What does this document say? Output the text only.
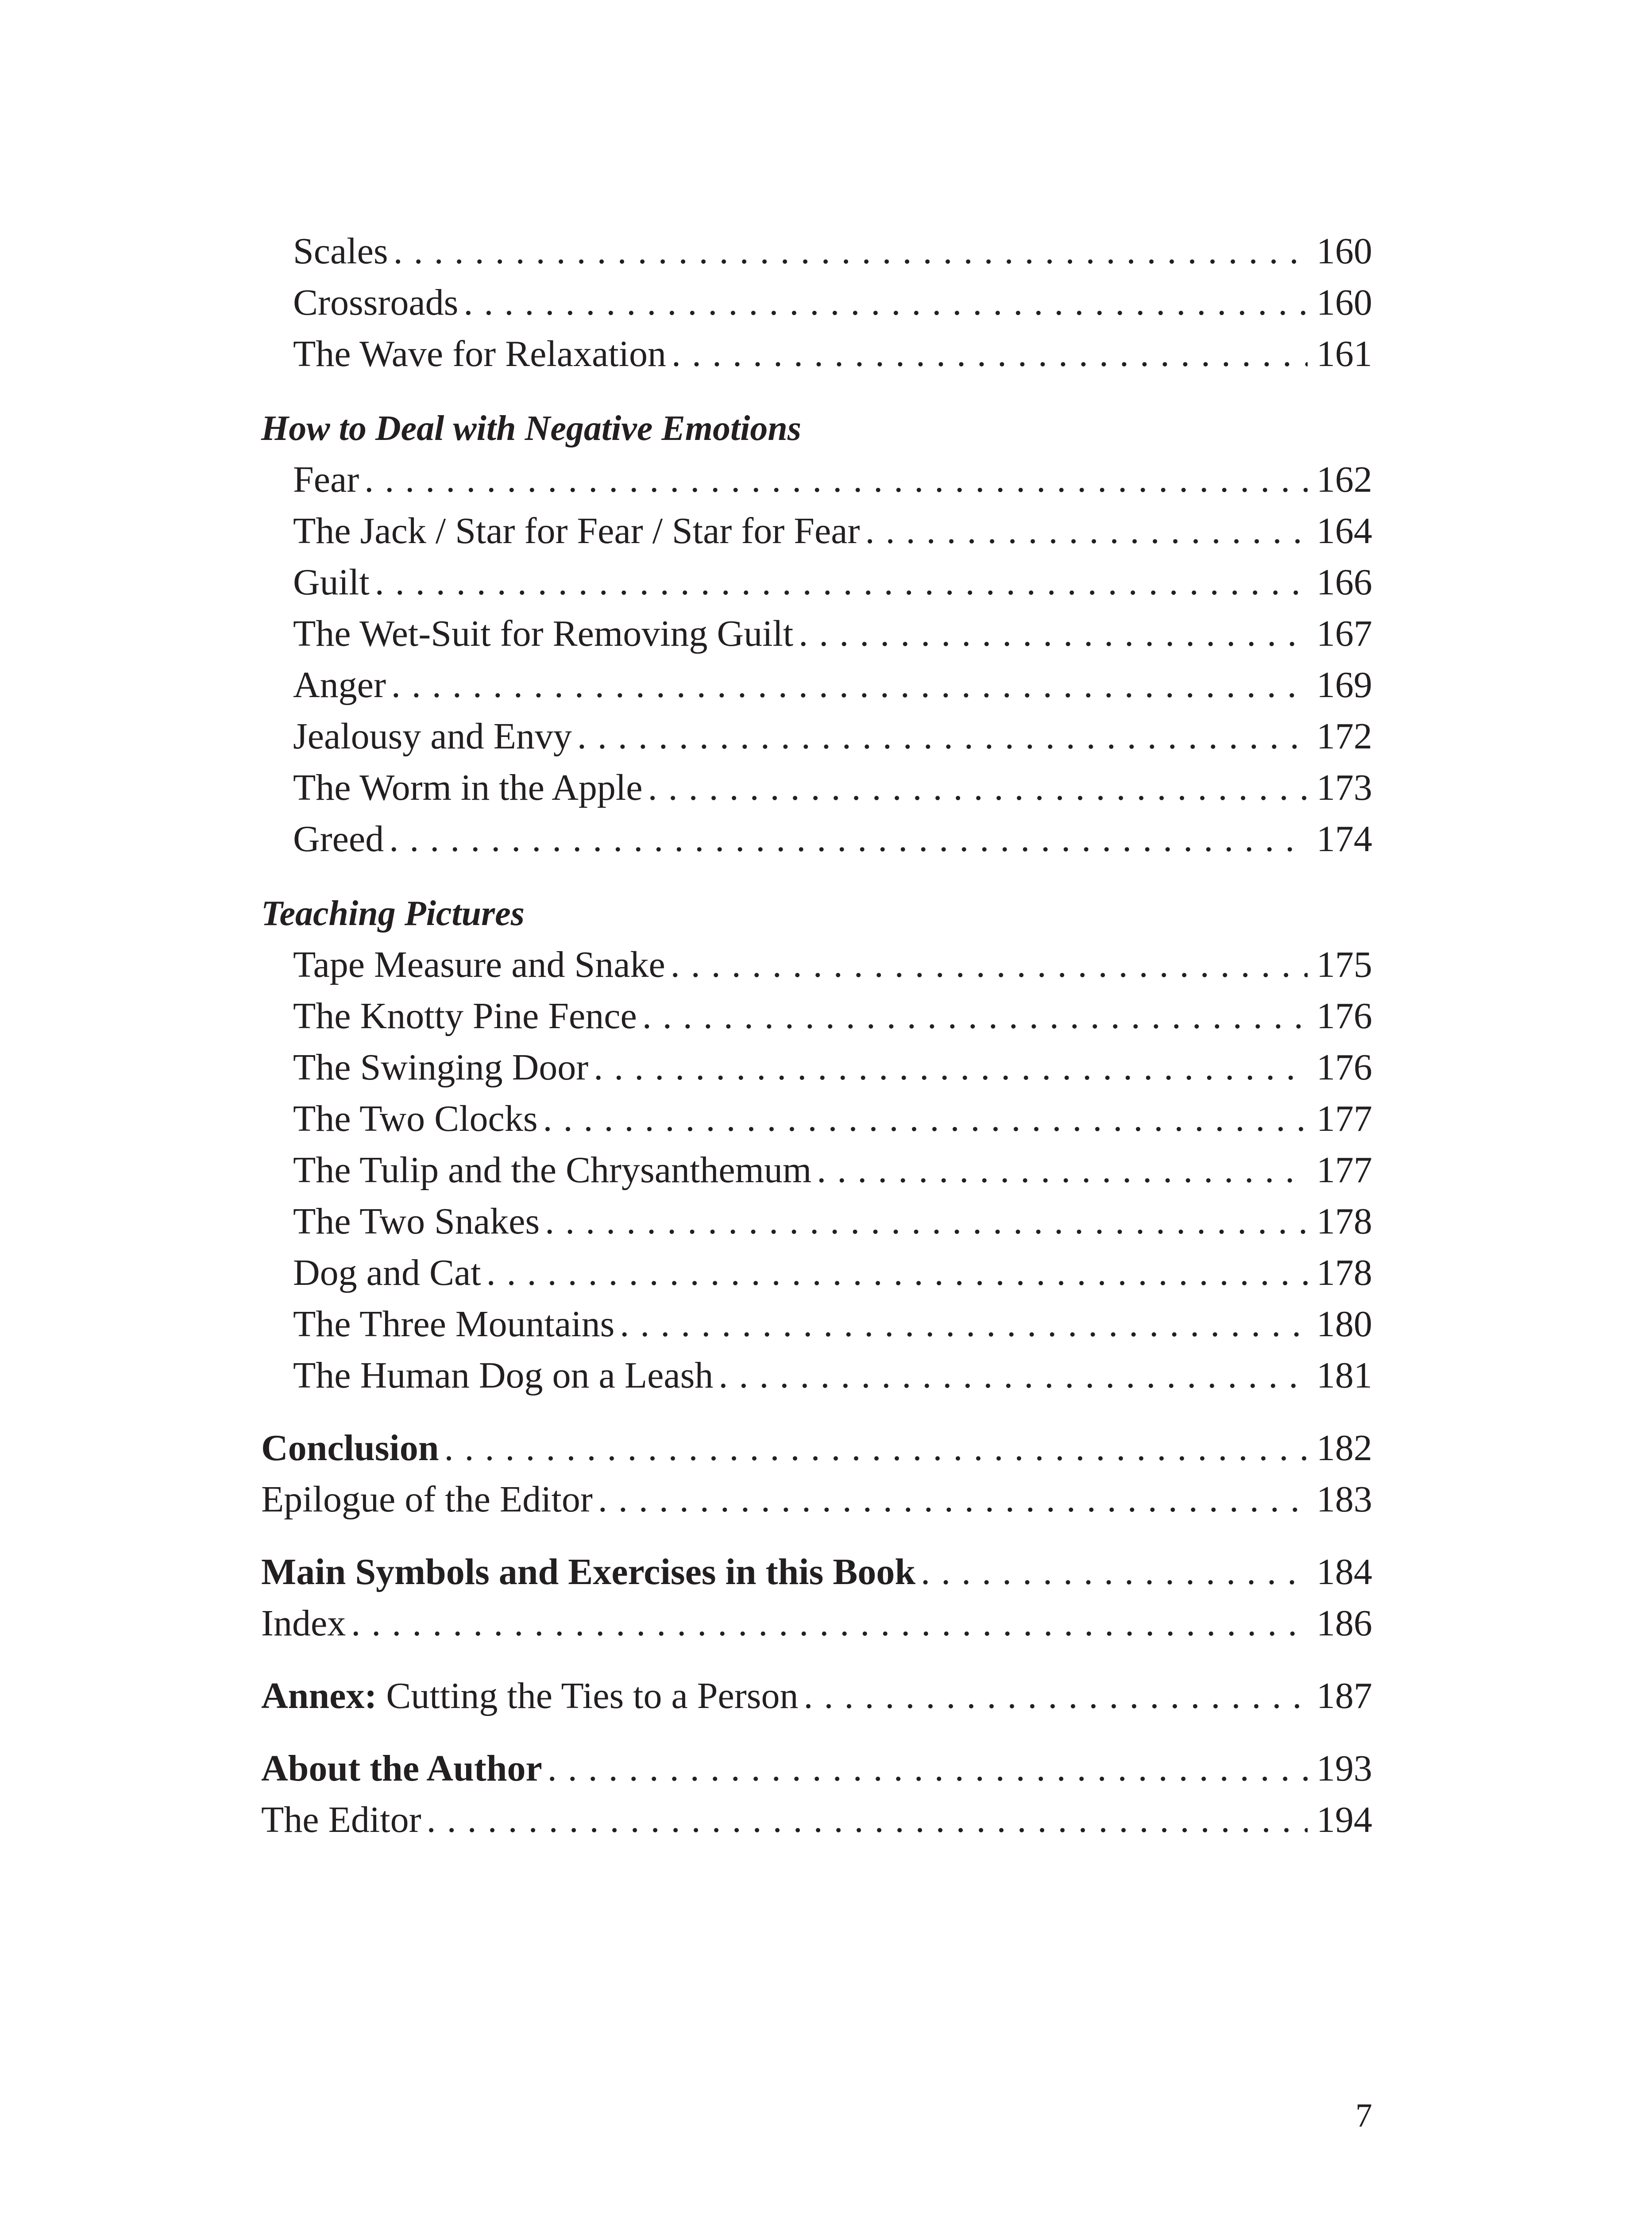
Scales . . .	160
Crossroads . . .	160
The Wave for Relaxation . . .	161
How to Deal with Negative Emotions
Fear . . .	162
The Jack / Star for Fear / Star for Fear . . .	164
Guilt . . .	166
The Wet-Suit for Removing Guilt . . .	167
Anger . . .	169
Jealousy and Envy . . .	172
The Worm in the Apple . . .	173
Greed . . .	174
Teaching Pictures
Tape Measure and Snake . . .	175
The Knotty Pine Fence . . .	176
The Swinging Door . . .	176
The Two Clocks . . .	177
The Tulip and the Chrysanthemum . . .	177
The Two Snakes . . .	178
Dog and Cat . . .	178
The Three Mountains . . .	180
The Human Dog on a Leash . . .	181
Conclusion . . .	182
Epilogue of the Editor . . .	183
Main Symbols and Exercises in this Book . . .	184
Index . . .	186
Annex: Cutting the Ties to a Person . . .	187
About the Author . . .	193
The Editor . . .	194
7
